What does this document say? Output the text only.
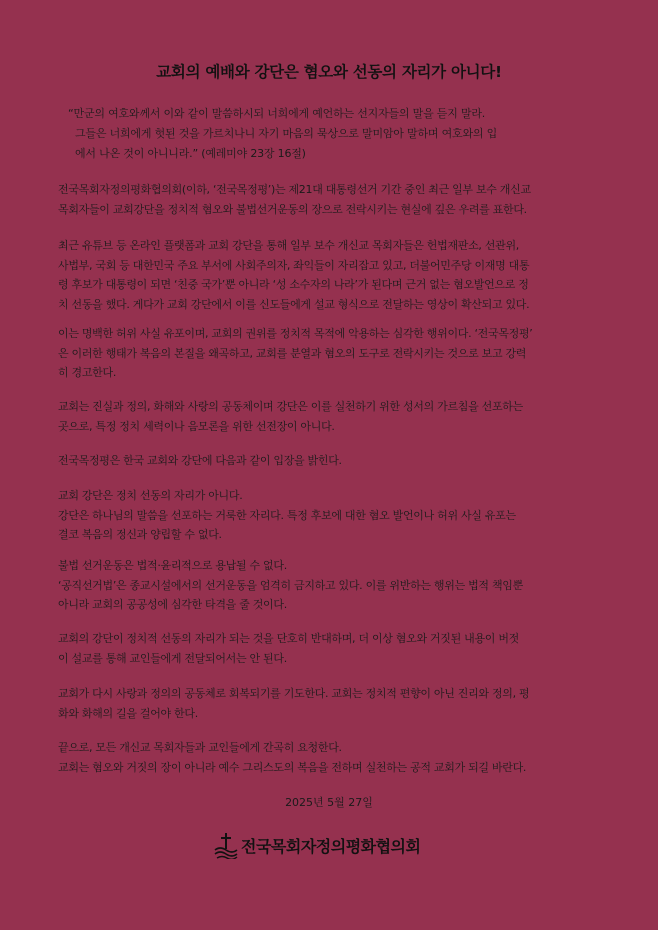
교회의 예배와 강단은 혐오와 선동의 자리가 아니다!
“만군의 여호와께서 이와 같이 말씀하시되 너희에게 예언하는 선지자들의 말을 듣지 말라.
그들은 너희에게 헛된 것을 가르치나니 자기 마음의 묵상으로 말미암아 말하며 여호와의 입
에서 나온 것이 아니니라.” (예레미야 23장 16절)
전국목회자정의평화협의회(이하, ‘전국목정평’)는 제21대 대통령선거 기간 중인 최근 일부 보수 개신교
목회자들이 교회강단을 정치적 혐오와 불법선거운동의 장으로 전락시키는 현실에 깊은 우려를 표한다.
최근 유튜브 등 온라인 플랫폼과 교회 강단을 통해 일부 보수 개신교 목회자들은 헌법재판소, 선관위,
사법부, 국회 등 대한민국 주요 부서에 사회주의자, 좌익들이 자리잡고 있고, 더불어민주당 이재명 대통
령 후보가 대통령이 되면 ‘친중 국가’뿐 아니라 ‘성 소수자의 나라’가 된다며 근거 없는 혐오발언으로 정
치 선동을 했다. 게다가 교회 강단에서 이를 신도들에게 설교 형식으로 전달하는 영상이 확산되고 있다.
이는 명백한 허위 사실 유포이며, 교회의 권위를 정치적 목적에 악용하는 심각한 행위이다. ‘전국목정평’
은 이러한 행태가 복음의 본질을 왜곡하고, 교회를 분열과 혐오의 도구로 전락시키는 것으로 보고 강력
히 경고한다.
교회는 진실과 정의, 화해와 사랑의 공동체이며 강단은 이를 실천하기 위한 성서의 가르침을 선포하는
곳으로, 특정 정치 세력이나 음모론을 위한 선전장이 아니다.
전국목정평은 한국 교회와 강단에 다음과 같이 입장을 밝힌다.
교회 강단은 정치 선동의 자리가 아니다.
강단은 하나님의 말씀을 선포하는 거룩한 자리다. 특정 후보에 대한 혐오 발언이나 허위 사실 유포는
결코 복음의 정신과 양립할 수 없다.
불법 선거운동은 법적·윤리적으로 용납될 수 없다.
‘공직선거법’은 종교시설에서의 선거운동을 엄격히 금지하고 있다. 이를 위반하는 행위는 법적 책임뿐
아니라 교회의 공공성에 심각한 타격을 줄 것이다.
교회의 강단이 정치적 선동의 자리가 되는 것을 단호히 반대하며, 더 이상 혐오와 거짓된 내용이 버젓
이 설교를 통해 교인들에게 전달되어서는 안 된다.
교회가 다시 사랑과 정의의 공동체로 회복되기를 기도한다. 교회는 정치적 편향이 아닌 진리와 정의, 평
화와 화해의 길을 걸어야 한다.
끝으로, 모든 개신교 목회자들과 교인들에게 간곡히 요청한다.
교회는 혐오와 거짓의 장이 아니라 예수 그리스도의 복음을 전하며 실천하는 공적 교회가 되길 바란다.

2025년 5월 27일

전국목회자정의평화협의회
